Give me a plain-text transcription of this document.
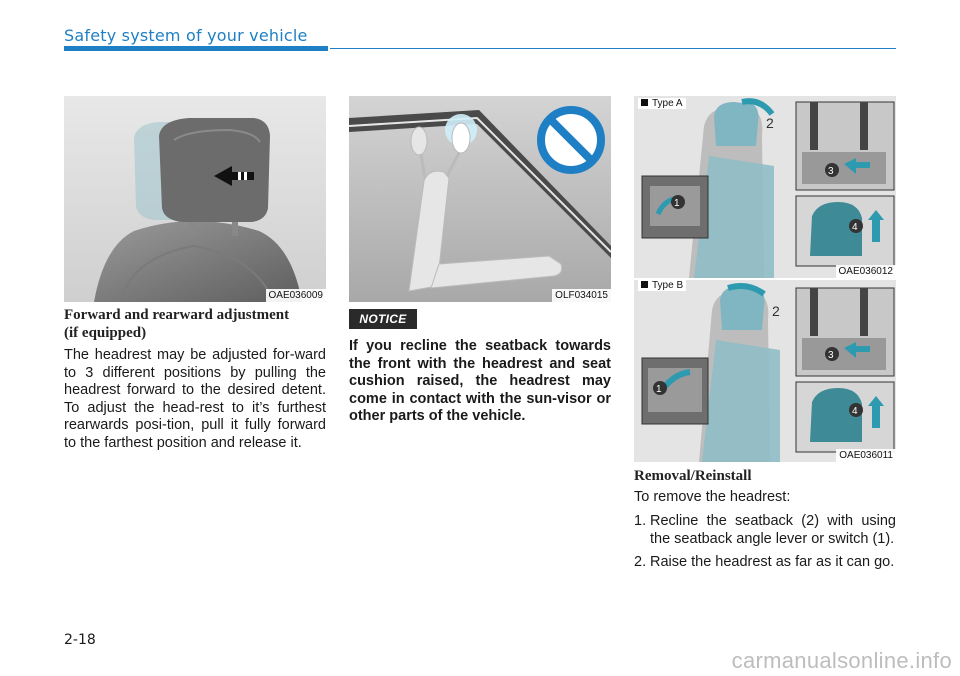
Safety system of your vehicle
OAE036009	OLF034015
2
1
3
4
Type A
OAE036012
2
1
3
4
Type B
OAE036011
Forward and rearward adjustment
(if equipped)
The headrest may be adjusted for-ward to 3 different positions by pulling the headrest forward to the desired detent. To adjust the head-rest to it’s furthest rearwards posi-tion, pull it fully forward to the farthest position and release it.
NOTICE
If you recline the seatback towards the front with the headrest and seat cushion raised, the headrest may come in contact with the sun-visor or other parts of the vehicle.
Removal/Reinstall
To remove the headrest:
1. Recline the seatback (2) with using the seatback angle lever or switch (1).
2. Raise the headrest as far as it can go.
2-18
carmanualsonline.info
